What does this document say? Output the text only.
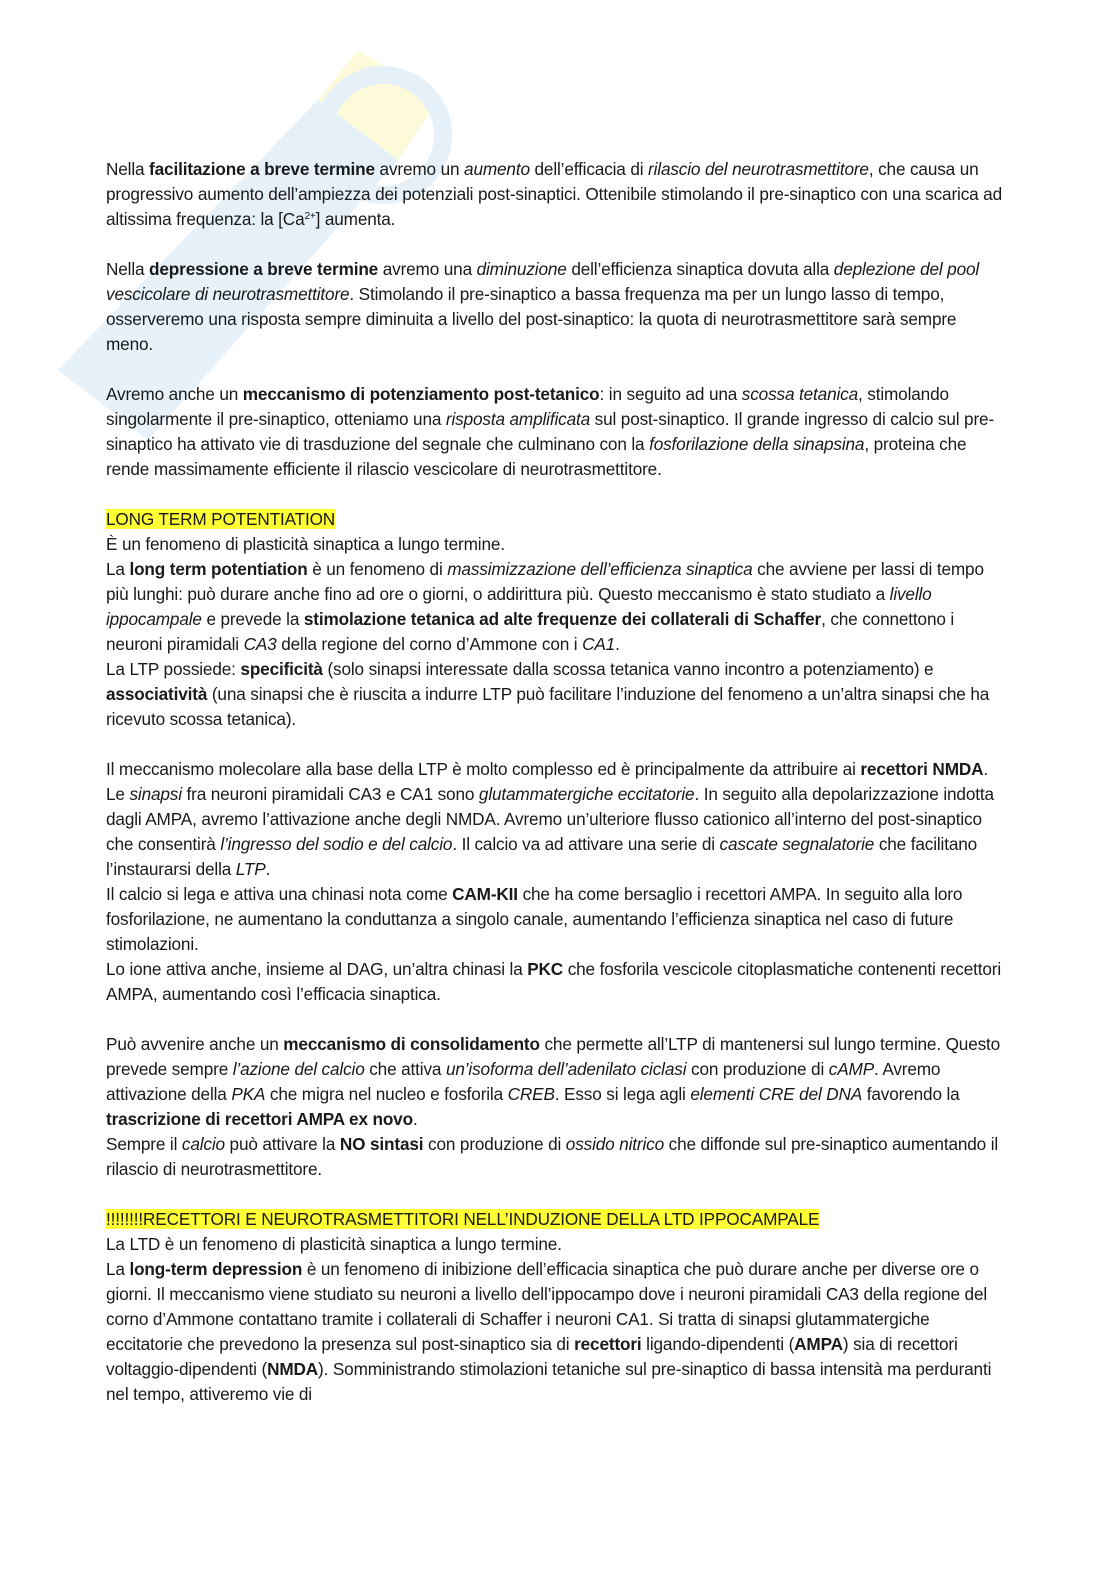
Nella facilitazione a breve termine avremo un aumento dell’efficacia di rilascio del neurotrasmettitore, che causa un progressivo aumento dell’ampiezza dei potenziali post-sinaptici. Ottenibile stimolando il pre-sinaptico con una scarica ad altissima frequenza: la $[Ca^{2+}]$ aumenta.

Nella depressione a breve termine avremo una diminuzione dell’efficienza sinaptica dovuta alla deplezione del pool vescicolare di neurotrasmettitore. Stimolando il pre-sinaptico a bassa frequenza ma per un lungo lasso di tempo, osserveremo una risposta sempre diminuita a livello del post-sinaptico: la quota di neurotrasmettitore sarà sempre meno.

Avremo anche un meccanismo di potenziamento post-tetanico: in seguito ad una scossa tetanica, stimolando singolarmente il pre-sinaptico, otteniamo una risposta amplificata sul post-sinaptico. Il grande ingresso di calcio sul pre-sinaptico ha attivato vie di trasduzione del segnale che culminano con la fosforilazione della sinapsina, proteina che rende massimamente efficiente il rilascio vescicolare di neurotrasmettitore.

LONG TERM POTENTIATION

È un fenomeno di plasticità sinaptica a lungo termine.

La long term potentiation è un fenomeno di massimizzazione dell’efficienza sinaptica che avviene per lassi di tempo più lunghi: può durare anche fino ad ore o giorni, o addirittura più. Questo meccanismo è stato studiato a livello ippocampale e prevede la stimolazione tetanica ad alte frequenze dei collaterali di Schaffer, che connettono i neuroni piramidali CA3 della regione del corno d’Ammone con i CA1.

La LTP possiede: specificità (solo sinapsi interessate dalla scossa tetanica vanno incontro a potenziamento) e associatività (una sinapsi che è riuscita a indurre LTP può facilitare l’induzione del fenomeno a un’altra sinapsi che ha ricevuto scossa tetanica).

Il meccanismo molecolare alla base della LTP è molto complesso ed è principalmente da attribuire ai recettori NMDA. Le sinapsi fra neuroni piramidali CA3 e CA1 sono glutammatergiche eccitatorie. In seguito alla depolarizzazione indotta dagli AMPA, avremo l’attivazione anche degli NMDA. Avremo un’ulteriore flusso cationico all’interno del post-sinaptico che consentirà l’ingresso del sodio e del calcio. Il calcio va ad attivare una serie di cascate segnalatorie che facilitano l’instaurarsi della LTP.

Il calcio si lega e attiva una chinasi nota come CAM-KII che ha come bersaglio i recettori AMPA. In seguito alla loro fosforilazione, ne aumentano la conduttanza a singolo canale, aumentando l’efficienza sinaptica nel caso di future stimolazioni.

Lo ione attiva anche, insieme al DAG, un’altra chinasi la PKC che fosforila vescicole citoplasmatiche contenenti recettori AMPA, aumentando così l’efficacia sinaptica.

Può avvenire anche un meccanismo di consolidamento che permette all’LTP di mantenersi sul lungo termine. Questo prevede sempre l’azione del calcio che attiva un’isoforma dell’adenilato ciclasi con produzione di cAMP. Avremo attivazione della PKA che migra nel nucleo e fosforila CREB. Esso si lega agli elementi CRE del DNA favorendo la trascrizione di recettori AMPA ex novo.

Sempre il calcio può attivare la NO sintasi con produzione di ossido nitrico che diffonde sul pre-sinaptico aumentando il rilascio di neurotrasmettitore.

!!!!!!!!RECETTORI E NEUROTRASMETTITORI NELL’INDUZIONE DELLA LTD IPPOCAMPALE

La LTD è un fenomeno di plasticità sinaptica a lungo termine.

La long-term depression è un fenomeno di inibizione dell’efficacia sinaptica che può durare anche per diverse ore o giorni. Il meccanismo viene studiato su neuroni a livello dell’ippocampo dove i neuroni piramidali CA3 della regione del corno d’Ammone contattano tramite i collaterali di Schaffer i neuroni CA1. Si tratta di sinapsi glutammatergiche eccitatorie che prevedono la presenza sul post-sinaptico sia di recettori ligando-dipendenti (AMPA) sia di recettori voltaggio-dipendenti (NMDA). Somministrando stimolazioni tetaniche sul pre-sinaptico di bassa intensità ma perduranti nel tempo, attiveremo vie di
